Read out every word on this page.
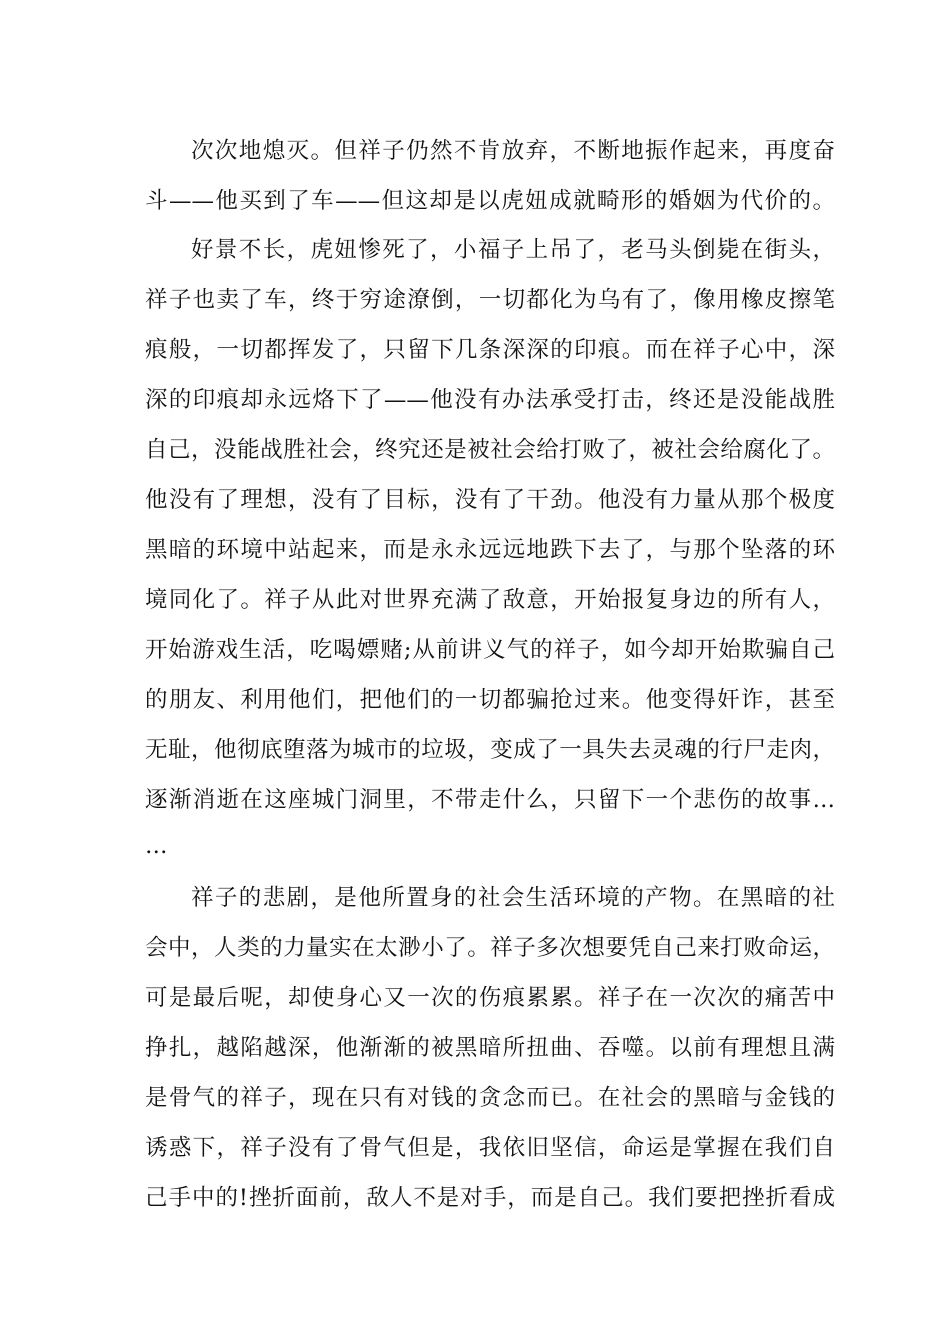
次次地熄灭。但祥子仍然不肯放弃，不断地振作起来，再度奋
斗——他买到了车——但这却是以虎妞成就畸形的婚姻为代价的。
好景不长，虎妞惨死了，小福子上吊了，老马头倒毙在街头，
祥子也卖了车，终于穷途潦倒，一切都化为乌有了，像用橡皮擦笔
痕般，一切都挥发了，只留下几条深深的印痕。而在祥子心中，深
深的印痕却永远烙下了——他没有办法承受打击，终还是没能战胜
自己，没能战胜社会，终究还是被社会给打败了，被社会给腐化了。
他没有了理想，没有了目标，没有了干劲。他没有力量从那个极度
黑暗的环境中站起来，而是永永远远地跌下去了，与那个坠落的环
境同化了。祥子从此对世界充满了敌意，开始报复身边的所有人，
开始游戏生活，吃喝嫖赌;从前讲义气的祥子，如今却开始欺骗自己
的朋友、利用他们，把他们的一切都骗抢过来。他变得奸诈，甚至
无耻，他彻底堕落为城市的垃圾，变成了一具失去灵魂的行尸走肉，
逐渐消逝在这座城门洞里，不带走什么，只留下一个悲伤的故事…
…
祥子的悲剧，是他所置身的社会生活环境的产物。在黑暗的社
会中，人类的力量实在太渺小了。祥子多次想要凭自己来打败命运，
可是最后呢，却使身心又一次的伤痕累累。祥子在一次次的痛苦中
挣扎，越陷越深，他渐渐的被黑暗所扭曲、吞噬。以前有理想且满
是骨气的祥子，现在只有对钱的贪念而已。在社会的黑暗与金钱的
诱惑下，祥子没有了骨气但是，我依旧坚信，命运是掌握在我们自
己手中的!挫折面前，敌人不是对手，而是自己。我们要把挫折看成
